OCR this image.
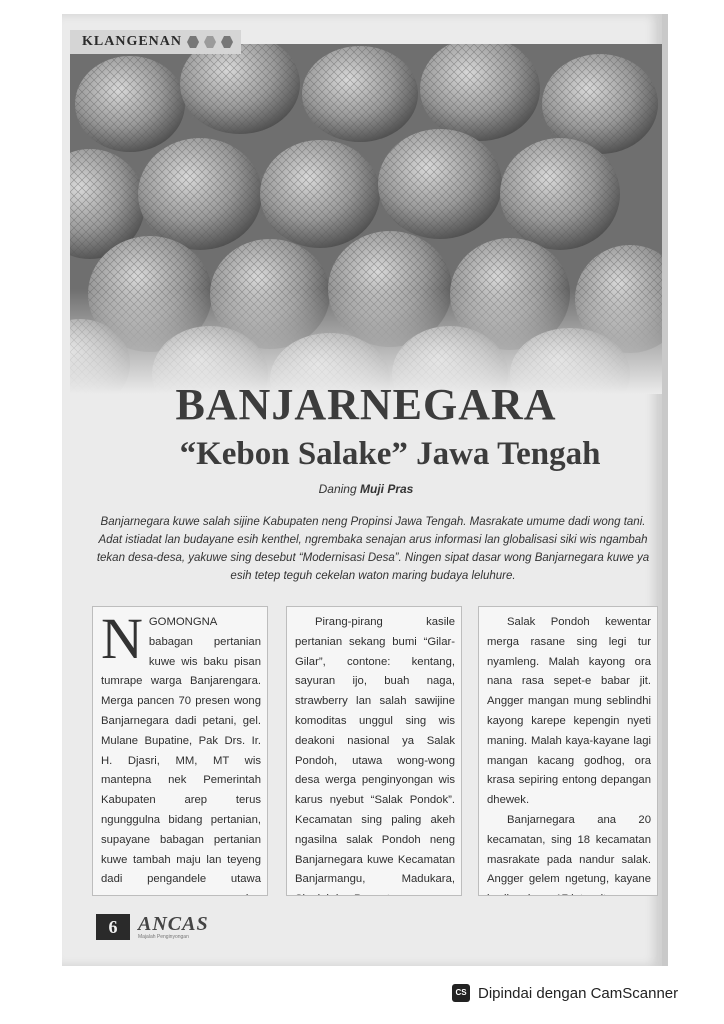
KLANGENAN
BANJARNEGARA
“Kebon Salake” Jawa Tengah
Daning Muji Pras
Banjarnegara kuwe salah sijine Kabupaten neng Propinsi Jawa Tengah. Masrakate umume dadi wong tani. Adat istiadat lan budayane esih kenthel, ngrembaka senajan arus informasi lan globalisasi siki wis ngambah tekan desa-desa, yakuwe sing desebut “Modernisasi Desa”. Ningen sipat dasar wong Banjarnegara kuwe ya esih tetep teguh cekelan waton maring budaya leluhure.
N GOMONGNA babagan pertanian kuwe wis baku pisan tumrape warga Banjarengara. Merga pancen 70 presen wong Banjarnegara dadi petani, gel. Mulane Bupatine, Pak Drs. Ir. H. Djasri, MM, MT wis mantepna nek Pemerintah Kabupaten arep terus ngunggulna bidang pertanian, supayane babagan pertanian kuwe tambah maju lan teyeng dadi pengandele utawa

Pirang-pirang kasile pertanian sekang bumi “Gilar-Gilar”, contone: kentang, sayuran ijo, buah naga, strawberry lan salah sawijine komoditas unggul sing wis deakoni nasional ya Salak Pondoh, utawa wong-wong desa werga penginyongan wis karus nyebut “Salak Pondok”. Kecamatan sing paling akeh ngasilna salak Pondoh neng Banjarnegara kuwe Kecamatan Banjarmangu, Madukara,

Salak Pondoh kewentar merga rasane sing legi tur nyamleng. Malah kayong ora nana rasa sepet-e babar jit. Angger mangan mung seblindhi kayong karepe kepengin nyeti maning. Malah kaya-kayane lagi mangan kacang godhog, ora krasa sepiring entong depangan dhewek.

Banjarnegara ana 20 kecamatan, sing 18 kecamatan masrakate pada nandur salak. Angger gelem ngetung, kayane

6	ANCAS
Majalah Penginyongan
CS Dipindai dengan CamScanner
